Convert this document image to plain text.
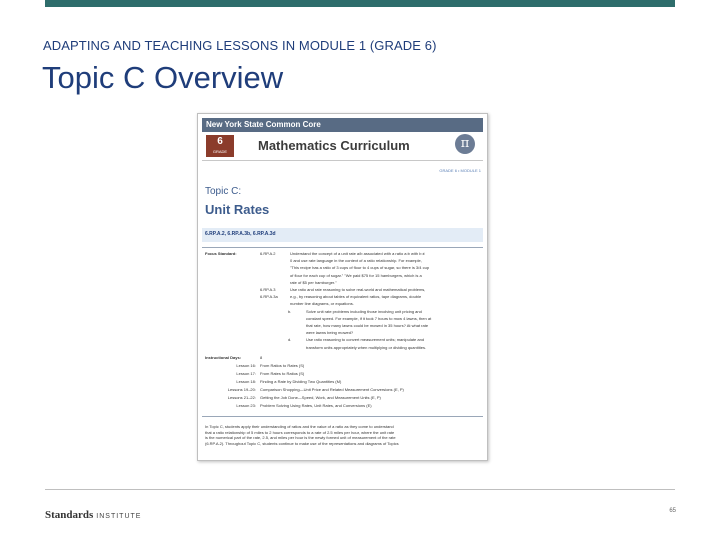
ADAPTING AND TEACHING LESSONS IN MODULE 1 (GRADE 6)
Topic C Overview
New York State Common Core
6
GRADE	Mathematics Curriculum	π
GRADE 6 • MODULE 1
Topic C:
Unit Rates
6.RP.A.2, 6.RP.A.3b, 6.RP.A.3d
Focus Standard:	6.RP.A.2	Understand the concept of a unit rate a/b associated with a ratio a:b with b ≠
0 and use rate language in the context of a ratio relationship. For example,
"This recipe has a ratio of 3 cups of flour to 4 cups of sugar, so there is 3/4 cup
of flour for each cup of sugar." "We paid $75 for 15 hamburgers, which is a
rate of $5 per hamburger."
6.RP.A.3	Use ratio and rate reasoning to solve real-world and mathematical problems,
6.RP.A.3a	e.g., by reasoning about tables of equivalent ratios, tape diagrams, double
number line diagrams, or equations.
b.	Solve unit rate problems including those involving unit pricing and
constant speed. For example, if it took 7 hours to mow 4 lawns, then at
that rate, how many lawns could be mowed in 35 hours? At what rate
were lawns being mowed?
d.	Use ratio reasoning to convert measurement units; manipulate and
transform units appropriately when multiplying or dividing quantities.
Instructional Days:	8
Lesson 16: From Ratios to Rates (S)
Lesson 17: From Rates to Ratios (S)
Lesson 18: Finding a Rate by Dividing Two Quantities (M)
Lessons 19–20: Comparison Shopping—Unit Price and Related Measurement Conversions (E, P)
Lessons 21–22: Getting the Job Done—Speed, Work, and Measurement Units (E, P)
Lesson 23: Problem Solving Using Rates, Unit Rates, and Conversions (E)
In Topic C, students apply their understanding of ratios and the value of a ratio as they come to understand
that a ratio relationship of 5 miles to 2 hours corresponds to a rate of 2.5 miles per hour, where the unit rate
is the numerical part of the rate, 2.5, and miles per hour is the newly formed unit of measurement of the rate
(6.RP.A.2). Throughout Topic C, students continue to make use of the representations and diagrams of Topics
Standards INSTITUTE
65
